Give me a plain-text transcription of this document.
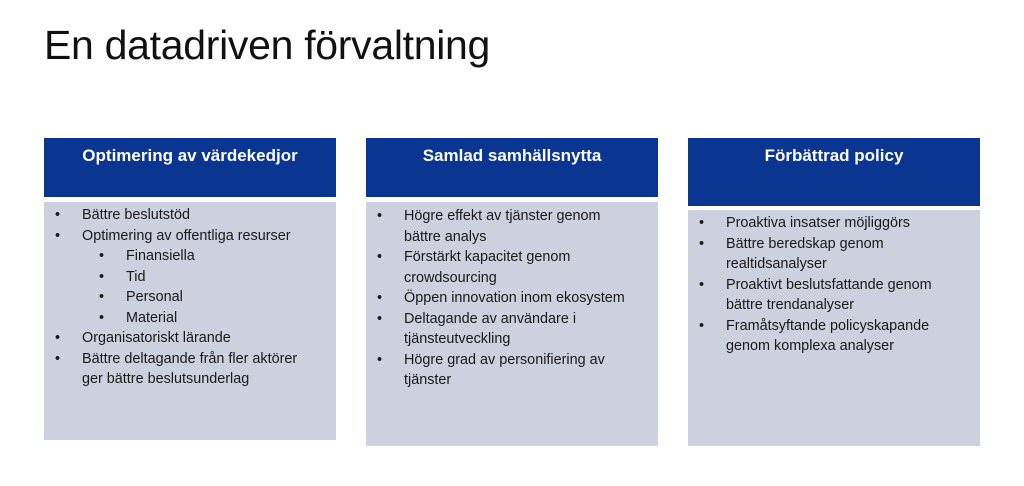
En datadriven förvaltning
Optimering av värdekedjor
• Bättre beslutstöd
• Optimering av offentliga resurser
• Finansiella
• Tid
• Personal
• Material
• Organisatoriskt lärande
• Bättre deltagande från fler aktörer
ger bättre beslutsunderlag
Samlad samhällsnytta
• Högre effekt av tjänster genom
bättre analys
• Förstärkt kapacitet genom
crowdsourcing
• Öppen innovation inom ekosystem
• Deltagande av användare i
tjänsteutveckling
• Högre grad av personifiering av
tjänster
Förbättrad policy
• Proaktiva insatser möjliggörs
• Bättre beredskap genom
realtidsanalyser
• Proaktivt beslutsfattande genom
bättre trendanalyser
• Framåtsyftande policyskapande
genom komplexa analyser
